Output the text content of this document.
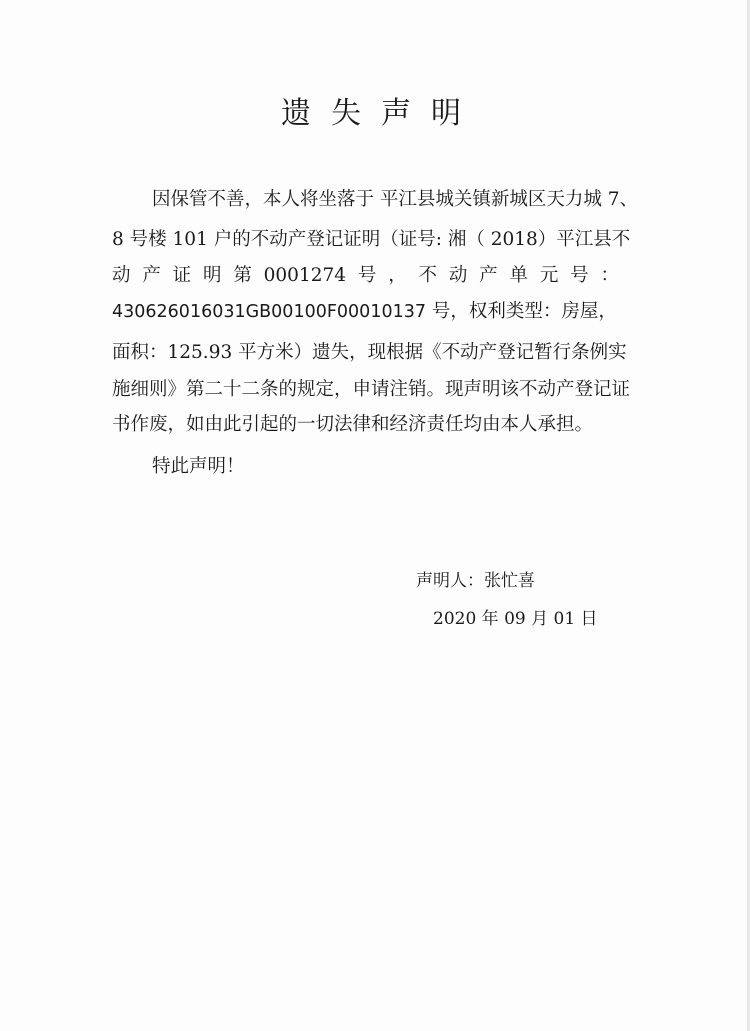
遗失声明
因保管不善，本人将坐落于 平江县城关镇新城区天力城 7、
8 号楼 101 户的不动产登记证明（证号: 湘（ 2018）平江县不
动 产 证 明 第 0001274 号 ， 不 动 产 单 元 号 ：
430626016031GB00100F00010137 号，权利类型：房屋，
面积：125.93 平方米）遗失，现根据《不动产登记暂行条例实
施细则》第二十二条的规定，申请注销。现声明该不动产登记证
书作废，如由此引起的一切法律和经济责任均由本人承担。
特此声明！
声明人：张忙喜
2020 年 09 月 01 日
